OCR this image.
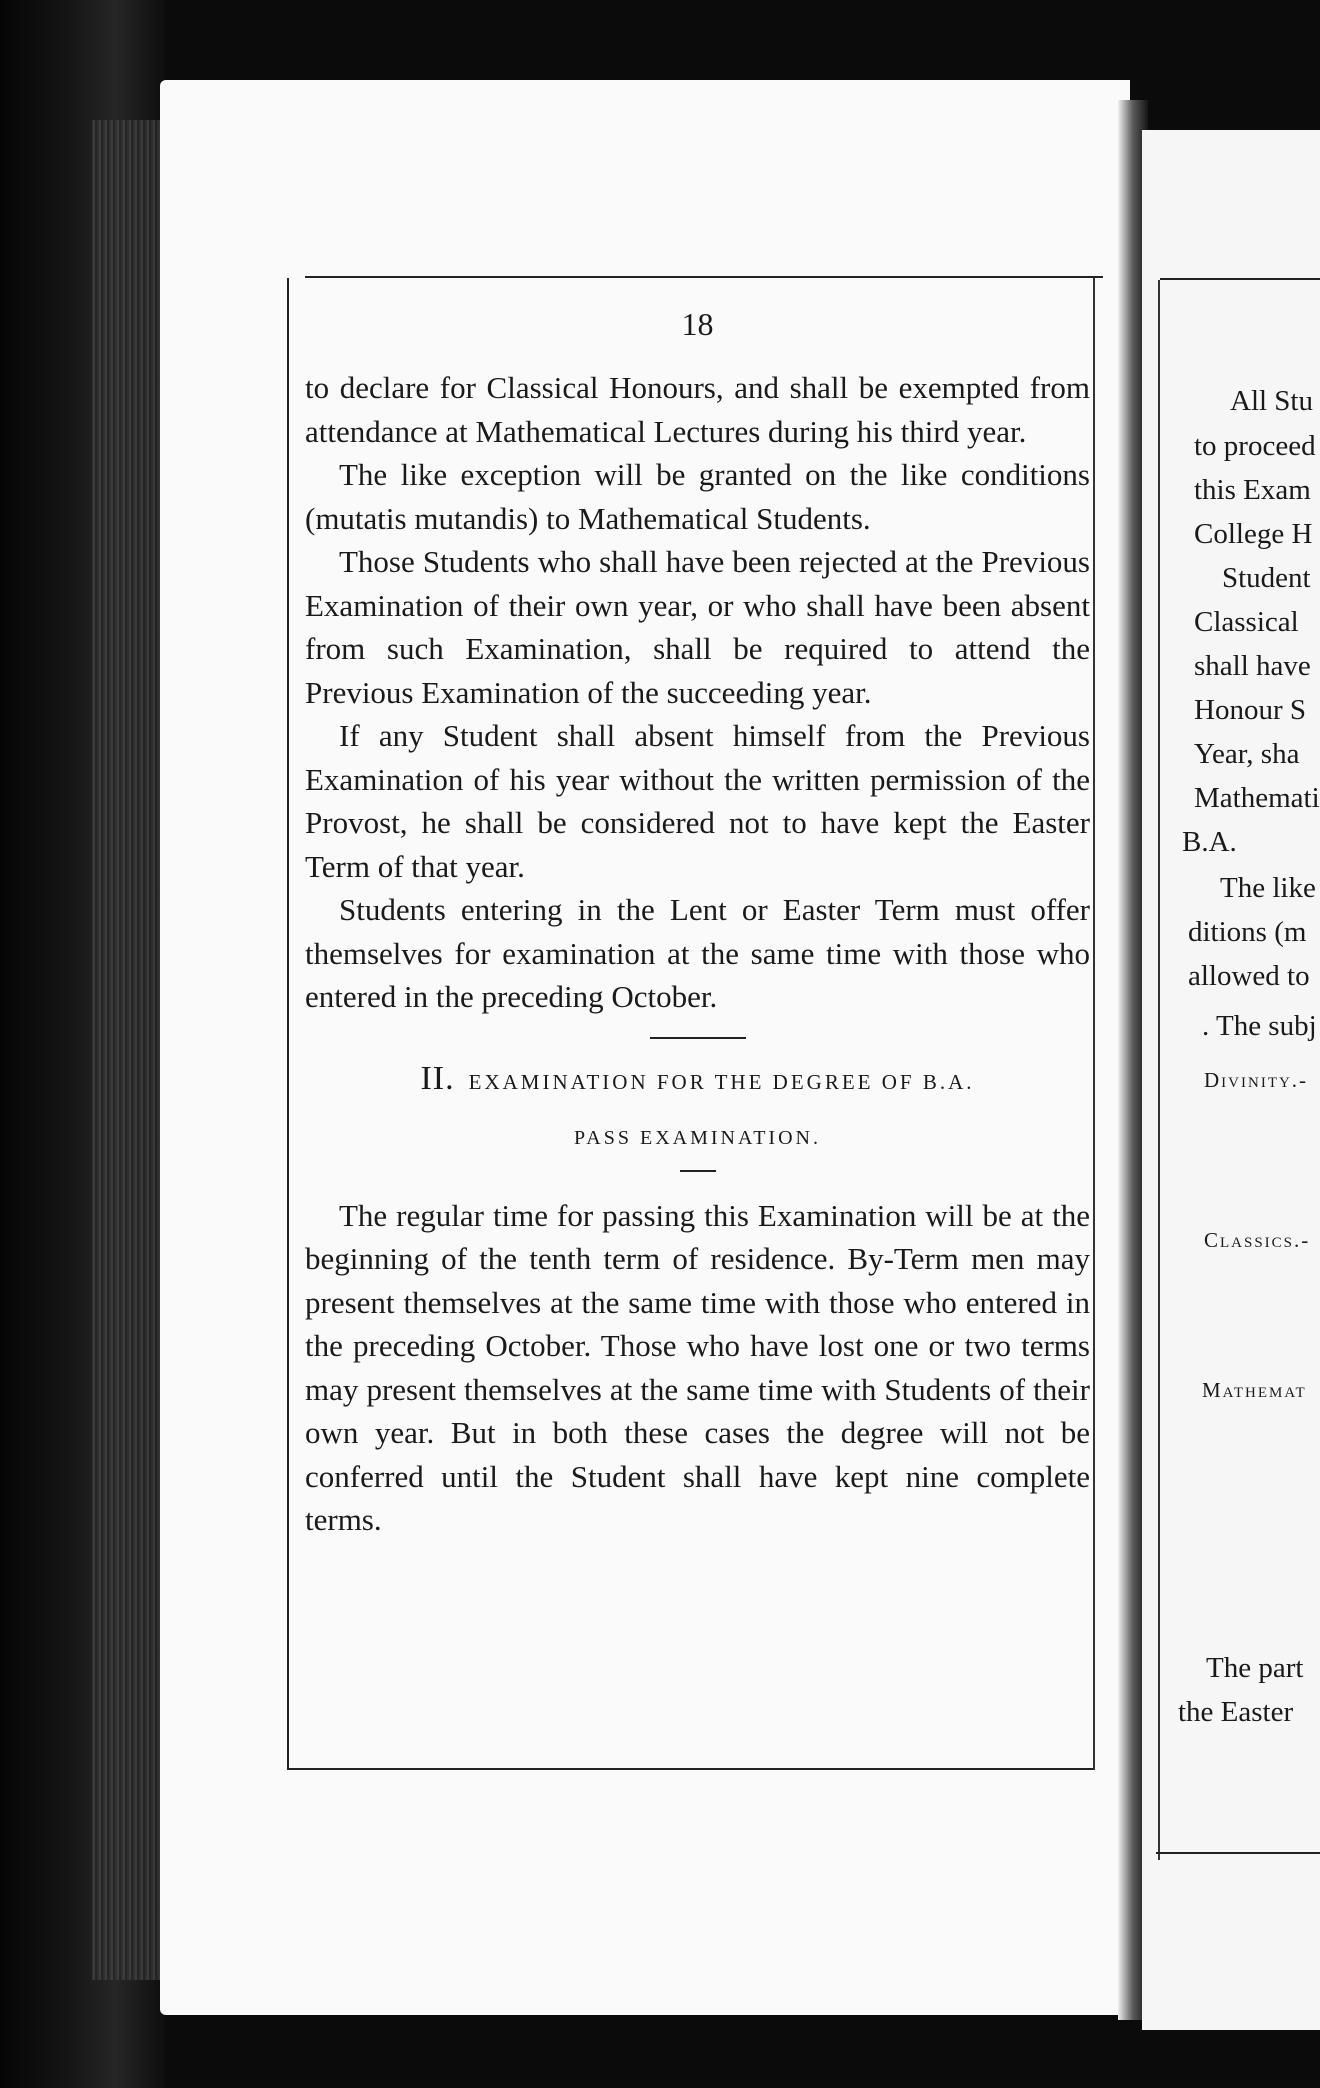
18

to declare for Classical Honours, and shall be exempted from attendance at Mathematical Lectures during his third year.

The like exception will be granted on the like conditions (mutatis mutandis) to Mathematical Students.

Those Students who shall have been rejected at the Previous Examination of their own year, or who shall have been absent from such Examination, shall be required to attend the Previous Examination of the succeeding year.

If any Student shall absent himself from the Previous Examination of his year without the written permission of the Provost, he shall be considered not to have kept the Easter Term of that year.

Students entering in the Lent or Easter Term must offer themselves for examination at the same time with those who entered in the preceding October.

II. EXAMINATION FOR THE DEGREE OF B.A.

PASS EXAMINATION.

The regular time for passing this Examination will be at the beginning of the tenth term of residence. By-Term men may present themselves at the same time with those who entered in the preceding October. Those who have lost one or two terms may present themselves at the same time with Students of their own year. But in both these cases the degree will not be conferred until the Student shall have kept nine complete terms.

All Stu
to proceed
this Exam
College H
Student
Classical
shall have
Honour S
Year, sha
Mathemati
B.A.
The like
ditions (m
allowed to
. The subj
Divinity.-
Classics.-
Mathemat
The part
the Easter
